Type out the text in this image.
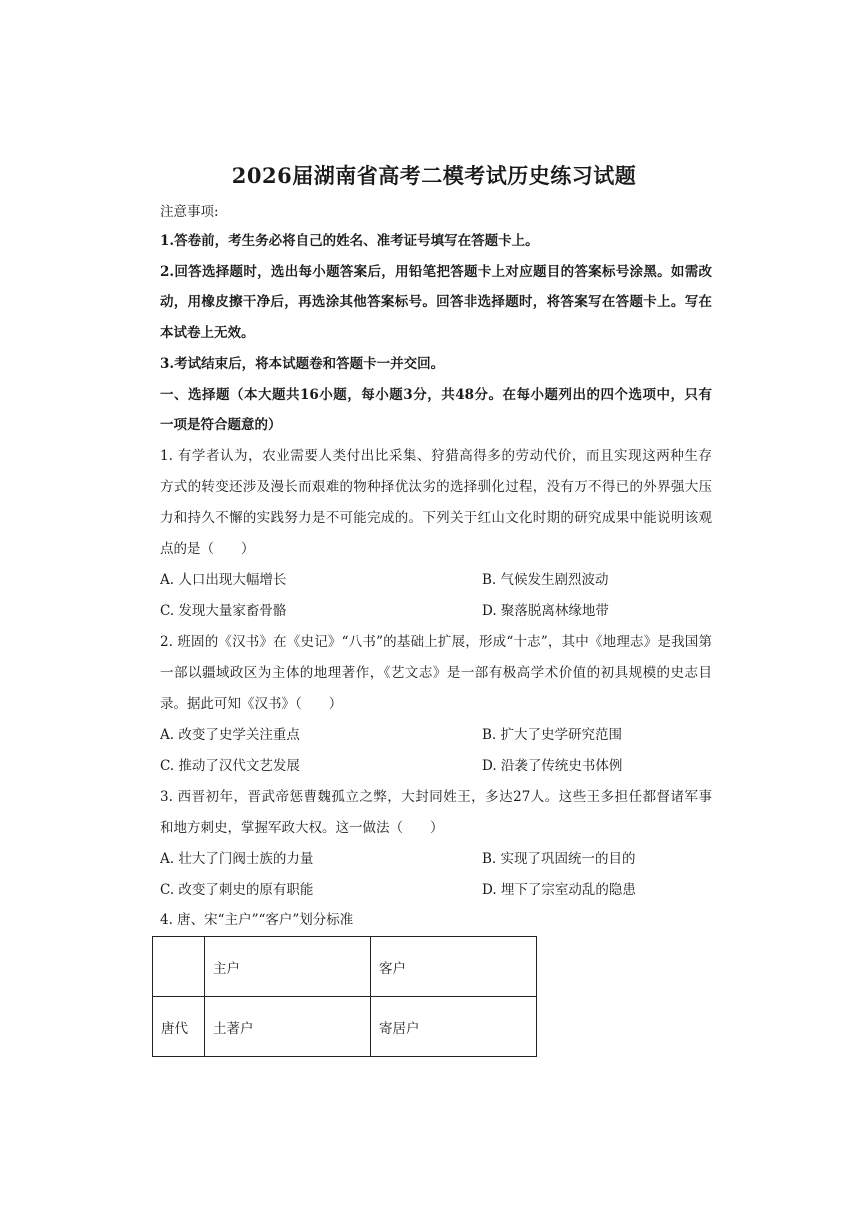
2026届湖南省高考二模考试历史练习试题
注意事项:
1.答卷前，考生务必将自己的姓名、准考证号填写在答题卡上。
2.回答选择题时，选出每小题答案后，用铅笔把答题卡上对应题目的答案标号涂黑。如需改
动，用橡皮擦干净后，再选涂其他答案标号。回答非选择题时，将答案写在答题卡上。写在
本试卷上无效。
3.考试结束后，将本试题卷和答题卡一并交回。
一、选择题（本大题共16小题，每小题3分，共48分。在每小题列出的四个选项中，只有
一项是符合题意的）
1. 有学者认为，农业需要人类付出比采集、狩猎高得多的劳动代价，而且实现这两种生存
方式的转变还涉及漫长而艰难的物种择优汰劣的选择驯化过程，没有万不得已的外界强大压
力和持久不懈的实践努力是不可能完成的。下列关于红山文化时期的研究成果中能说明该观
点的是（　　）
A. 人口出现大幅增长	B. 气候发生剧烈波动
C. 发现大量家畜骨骼	D. 聚落脱离林缘地带
2. 班固的《汉书》在《史记》“八书”的基础上扩展，形成“十志”，其中《地理志》是我国第
一部以疆域政区为主体的地理著作，《艺文志》是一部有极高学术价值的初具规模的史志目
录。据此可知《汉书》（　　）
A. 改变了史学关注重点	B. 扩大了史学研究范围
C. 推动了汉代文艺发展	D. 沿袭了传统史书体例
3. 西晋初年，晋武帝惩曹魏孤立之弊，大封同姓王，多达27人。这些王多担任都督诸军事
和地方刺史，掌握军政大权。这一做法（　　）
A. 壮大了门阀士族的力量	B. 实现了巩固统一的目的
C. 改变了刺史的原有职能	D. 埋下了宗室动乱的隐患
4. 唐、宋“主户”“客户”划分标准
	主户	客户
唐代	土著户	寄居户
